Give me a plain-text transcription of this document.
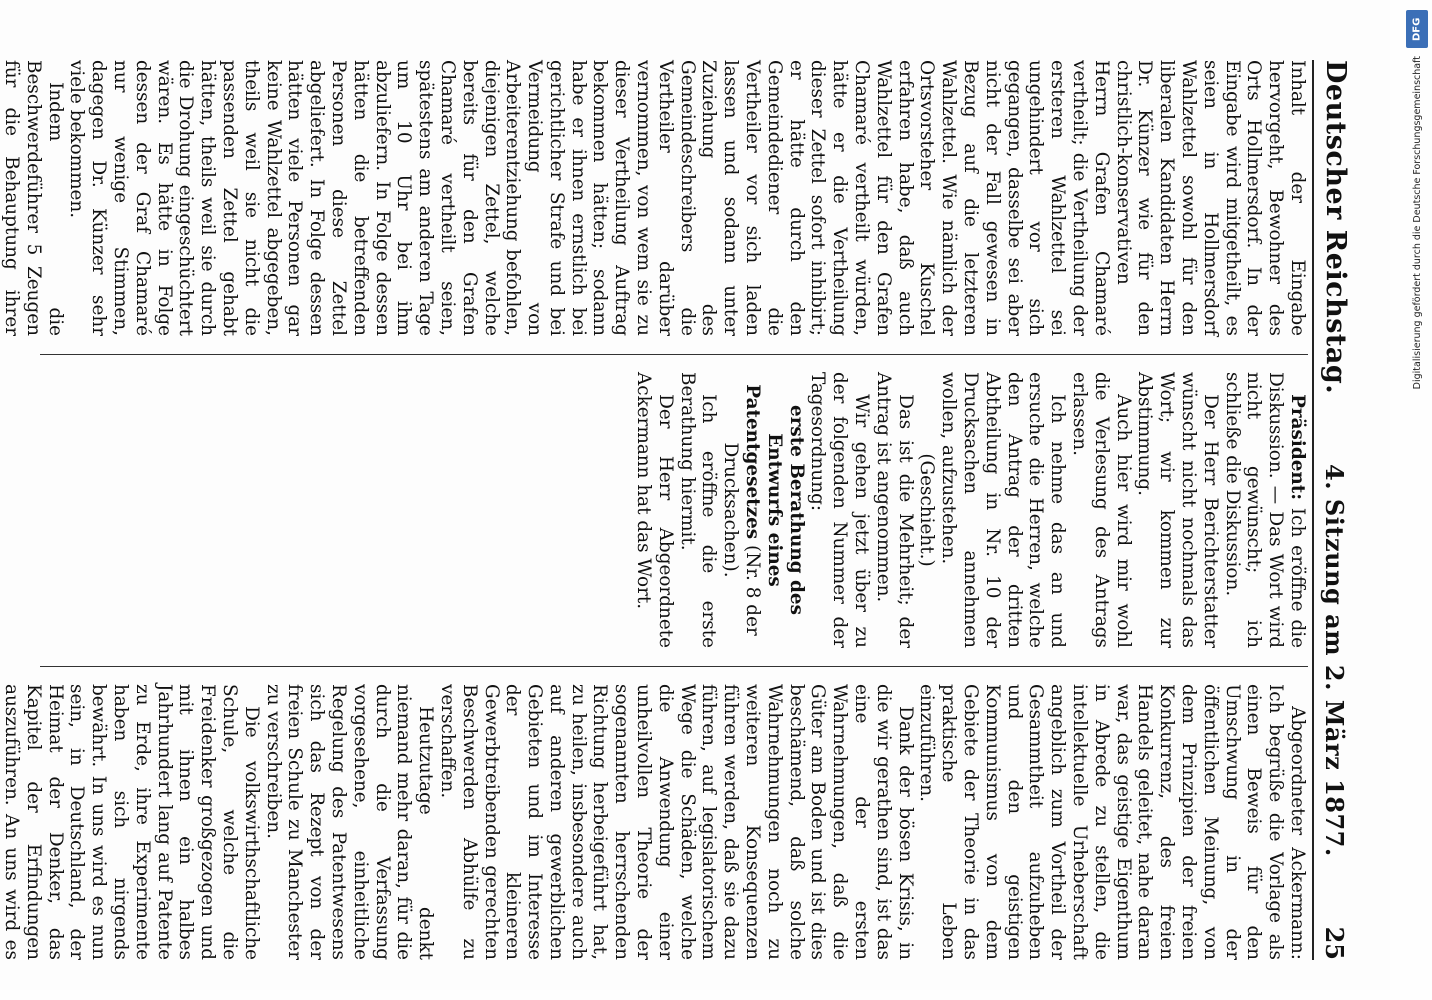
Deutscher Reichstag.
4. Sitzung am 2. März 1877.
25

Inhalt der Eingabe hervorgeht, Bewohner des Orts Hollmersdorf. In der Eingabe wird mitgetheilt, es seien in Hollmersdorf Wahlzettel sowohl für den liberalen Kandidaten Herrn Dr. Künzer wie für den christlich-konservativen Herrn Grafen Chamaré vertheilt; die Vertheilung der ersteren Wahlzettel sei ungehindert vor sich gegangen, dasselbe sei aber nicht der Fall gewesen in Bezug auf die letzteren Wahlzettel. Wie nämlich der Ortsvorsteher Kuschel erfahren habe, daß auch Wahlzettel für den Grafen Chamaré vertheilt würden, hätte er die Vertheilung dieser Zettel sofort inhibirt; er hätte durch den Gemeindediener die Vertheiler vor sich laden lassen und sodann unter Zuziehung des Gemeindeschreibers die Vertheiler darüber vernommen, von wem sie zu dieser Vertheilung Auftrag bekommen hätten; sodann habe er ihnen ernstlich bei gerichtlicher Strafe und bei Vermeidung von Arbeiterentziehung befohlen, diejenigen Zettel, welche bereits für den Grafen Chamaré vertheilt seien, spätestens am anderen Tage um 10 Uhr bei ihm abzuliefern. In Folge dessen hätten die betreffenden Personen diese Zettel abgeliefert. In Folge dessen hätten viele Personen gar keine Wahlzettel abgegeben, theils weil sie nicht die passenden Zettel gehabt hätten, theils weil sie durch die Drohung eingeschüchtert wären. Es hätte in Folge dessen der Graf Chamaré nur wenige Stimmen, dagegen Dr. Künzer sehr viele bekommen.

Indem die Beschwerdeführer 5 Zeugen für die Behauptung ihrer

Präsident: Ich eröffne die Diskussion. — Das Wort wird nicht gewünscht; ich schließe die Diskussion.

Der Herr Berichterstatter wünscht nicht nochmals das Wort; wir kommen zur Abstimmung.

Auch hier wird mir wohl die Verlesung des Antrags erlassen.

Ich nehme das an und ersuche die Herren, welche den Antrag der dritten Abtheilung in Nr. 10 der Drucksachen annehmen wollen, aufzustehen.

(Geschieht.)

Das ist die Mehrheit; der Antrag ist angenommen.

Wir gehen jetzt über zu der folgenden Nummer der Tagesordnung:

erste Berathung des Entwurfs eines Patentgesetzes (Nr. 8 der Drucksachen).

Ich eröffne die erste Berathung hiermit.

Der Herr Abgeordnete Ackermann hat das Wort.

Abgeordneter Ackermann: Ich begrüße die Vorlage als einen Beweis für den Umschwung in der öffentlichen Meinung, von dem Prinzipien der freien Konkurrenz, des freien Handels geleitet, nahe daran war, das geistige Eigenthum in Abrede zu stellen, die intellektuelle Urheberschaft angeblich zum Vortheil der Gesammtheit aufzuheben und den geistigen Kommunismus von dem Gebiete der Theorie in das praktische Leben einzuführen.

Dank der bösen Krisis, in die wir gerathen sind, ist das eine der ersten Wahrnehmungen, daß die Güter am Boden und ist dies beschämend, daß solche Wahrnehmungen noch zu weiteren Konsequenzen führen werden, daß sie dazu führen, auf legislatorischem Wege die Schäden, welche die Anwendung einer unheilvollen Theorie der sogenannten herrschenden Richtung herbeigeführt hat, zu heilen, insbesondere auch auf anderen gewerblichen Gebieten und im Interesse der kleineren Gewerbtreibenden gerechten Beschwerden Abhülfe zu verschaffen.

Heutzutage denkt niemand mehr daran, für die durch die Verfassung vorgesehene, einheitliche Regelung des Patentwesens sich das Rezept von der freien Schule zu Manchester zu verschreiben.

Die volkswirthschaftliche Schule, welche die Freidenker großgezogen und mit ihnen ein halbes Jahrhundert lang auf Patente zu Erde, ihre Experimente haben sich nirgends bewährt. In uns wird es nun sein, in Deutschland, der Heimat der Denker, das Kapitel der Erfindungen auszuführen. An uns wird es

DFG
Digitalisierung gefördert durch die Deutsche Forschungsgemeinschaft
